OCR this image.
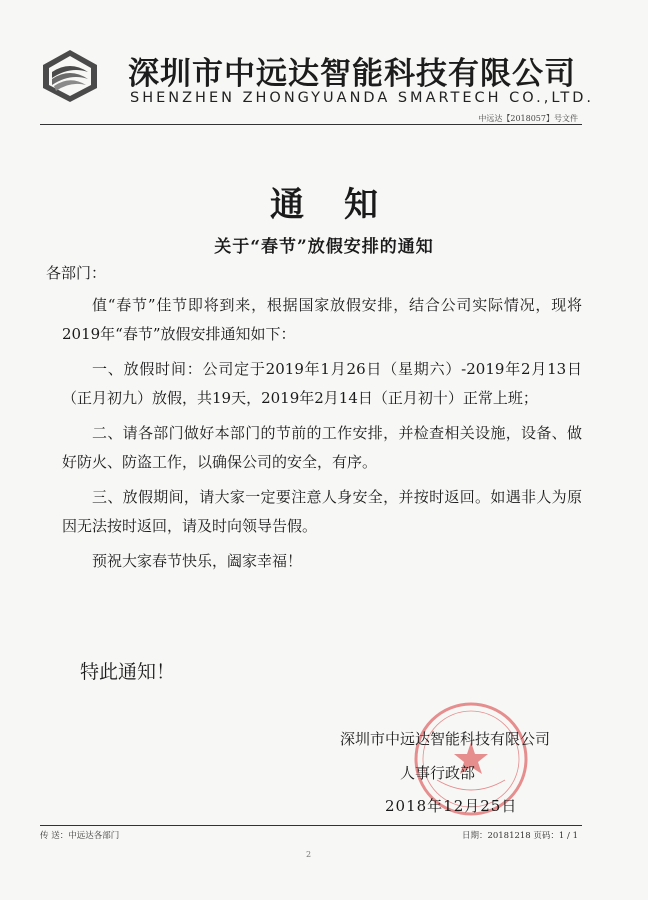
深圳市中远达智能科技有限公司
SHENZHEN ZHONGYUANDA SMARTECH CO.,LTD.
中远达【2018057】号文件
通知
关于“春节”放假安排的通知
各部门：

值“春节”佳节即将到来，根据国家放假安排，结合公司实际情况，现将2019年“春节”放假安排通知如下：

一、放假时间：公司定于2019年1月26日（星期六）-2019年2月13日（正月初九）放假，共19天，2019年2月14日（正月初十）正常上班；

二、请各部门做好本部门的节前的工作安排，并检查相关设施，设备、做好防火、防盗工作，以确保公司的安全，有序。

三、放假期间，请大家一定要注意人身安全，并按时返回。如遇非人为原因无法按时返回，请及时向领导告假。

预祝大家春节快乐，阖家幸福！

特此通知！
深圳市中远达智能科技有限公司
人事行政部
2018年12月25日
传 送：中远达各部门	日期：20181218 页码：1 / 1
2
